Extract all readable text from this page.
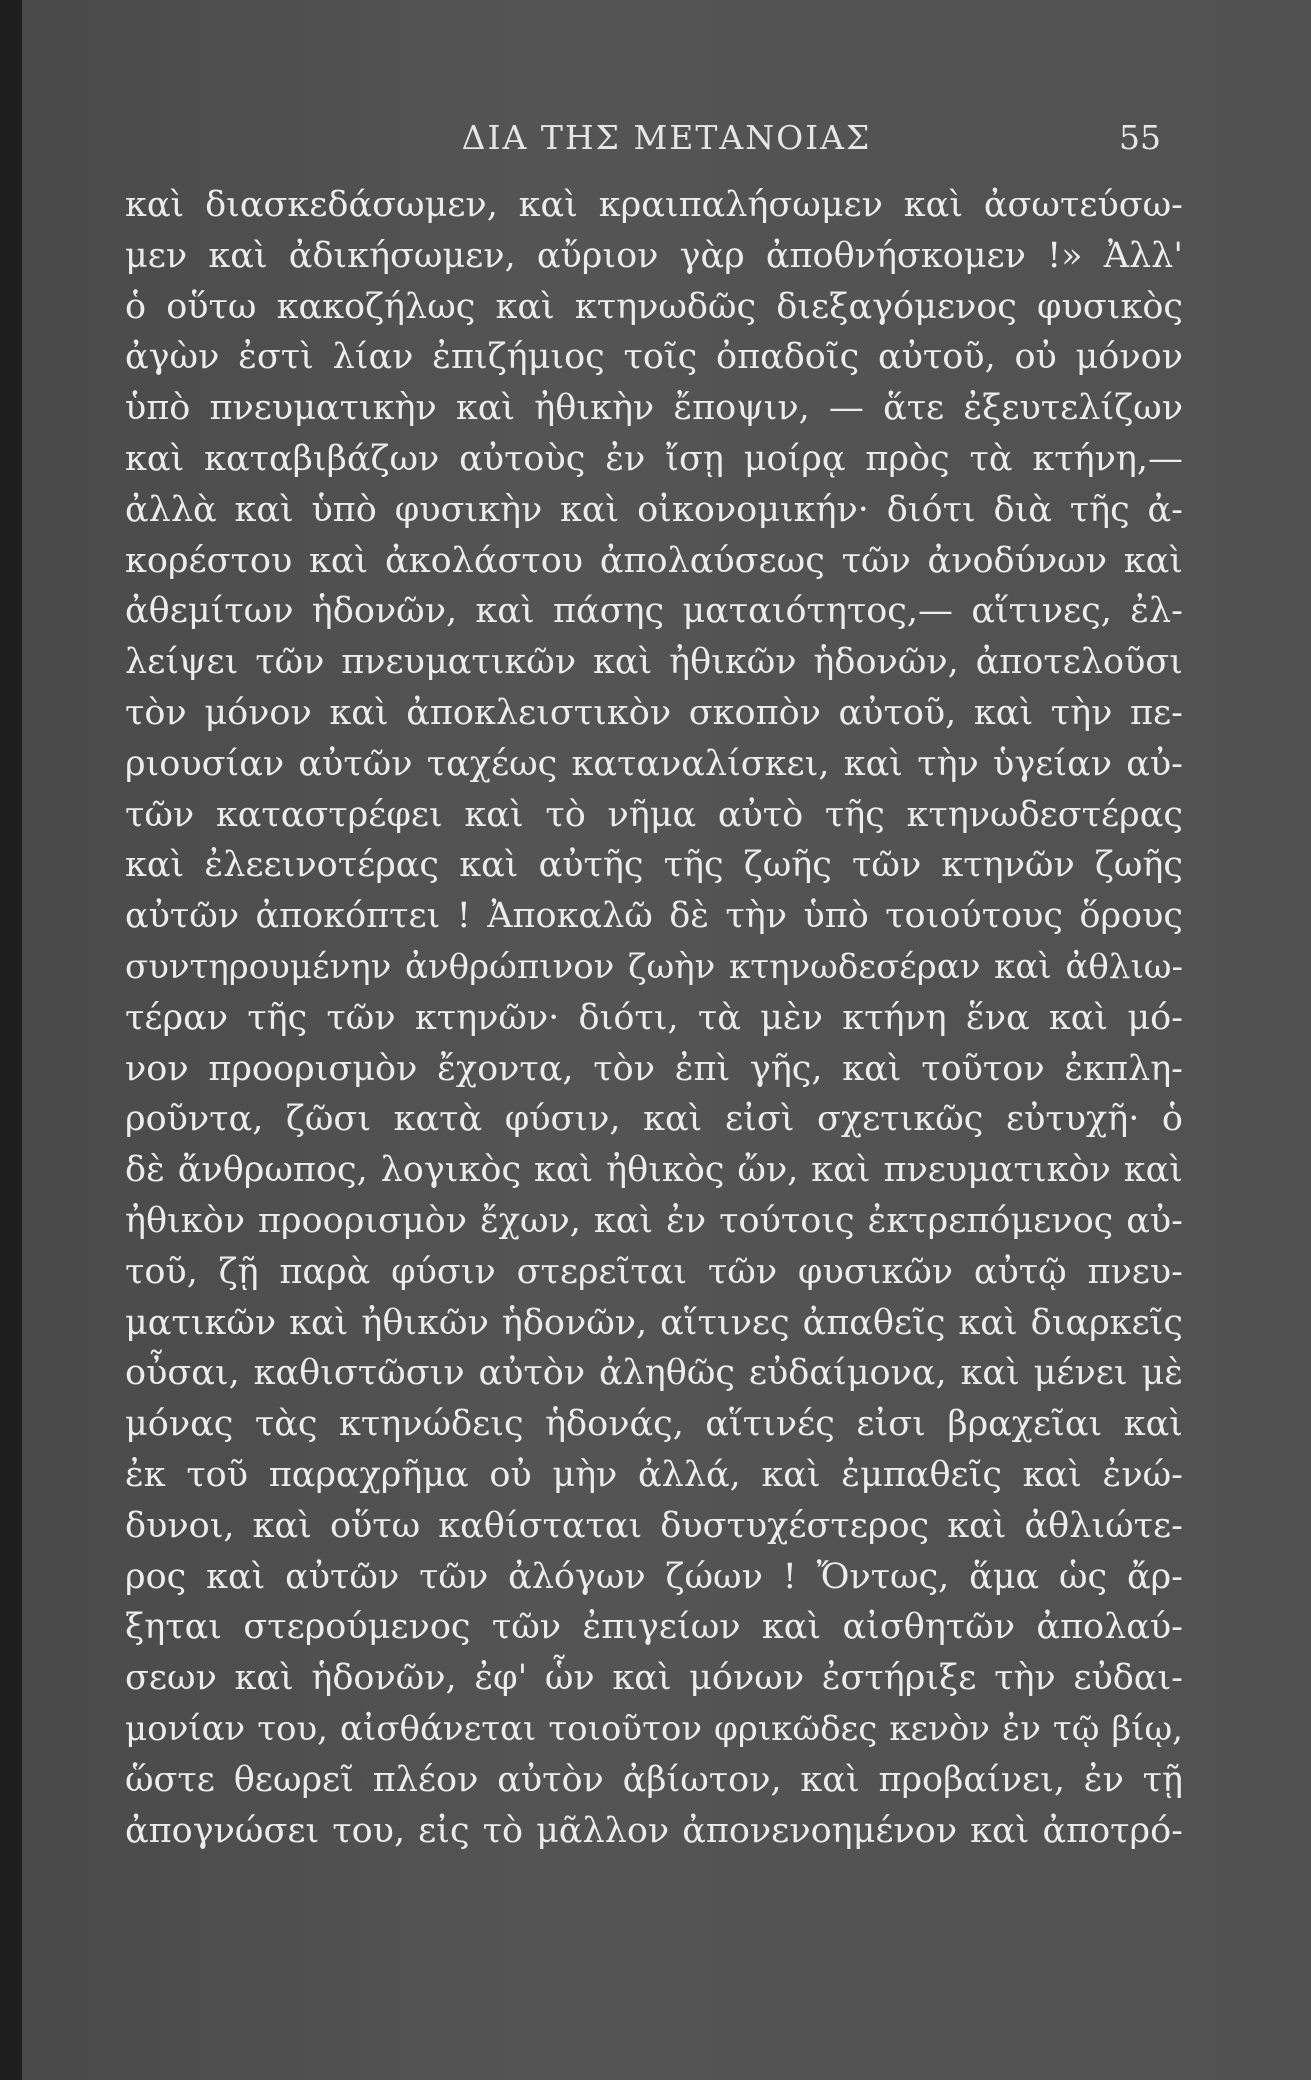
ΔΙΑ ΤΗΣ ΜΕΤΑΝΟΙΑΣ	55
καὶ διασκεδάσωμεν, καὶ κραιπαλήσωμεν καὶ ἀσωτεύσω-
μεν καὶ ἀδικήσωμεν, αὔριον γὰρ ἀποθνήσκομεν !» Ἀλλ'
ὁ οὕτω κακοζήλως καὶ κτηνωδῶς διεξαγόμενος φυσικὸς
ἀγὼν ἐστὶ λίαν ἐπιζήμιος τοῖς ὀπαδοῖς αὐτοῦ, οὐ μόνον
ὑπὸ πνευματικὴν καὶ ἠθικὴν ἔποψιν, — ἅτε ἐξευτελίζων
καὶ καταβιβάζων αὐτοὺς ἐν ἴσῃ μοίρᾳ πρὸς τὰ κτήνη,—
ἀλλὰ καὶ ὑπὸ φυσικὴν καὶ οἰκονομικήν· διότι διὰ τῆς ἀ-
κορέστου καὶ ἀκολάστου ἀπολαύσεως τῶν ἀνοδύνων καὶ
ἀθεμίτων ἡδονῶν, καὶ πάσης ματαιότητος,— αἵτινες, ἐλ-
λείψει τῶν πνευματικῶν καὶ ἠθικῶν ἡδονῶν, ἀποτελοῦσι
τὸν μόνον καὶ ἀποκλειστικὸν σκοπὸν αὐτοῦ, καὶ τὴν πε-
ριουσίαν αὐτῶν ταχέως καταναλίσκει, καὶ τὴν ὑγείαν αὐ-
τῶν καταστρέφει καὶ τὸ νῆμα αὐτὸ τῆς κτηνωδεστέρας
καὶ ἐλεεινοτέρας καὶ αὐτῆς τῆς ζωῆς τῶν κτηνῶν ζωῆς
αὐτῶν ἀποκόπτει ! Ἀποκαλῶ δὲ τὴν ὑπὸ τοιούτους ὅρους
συντηρουμένην ἀνθρώπινον ζωὴν κτηνωδεσέραν καὶ ἀθλιω-
τέραν τῆς τῶν κτηνῶν· διότι, τὰ μὲν κτήνη ἕνα καὶ μό-
νον προορισμὸν ἔχοντα, τὸν ἐπὶ γῆς, καὶ τοῦτον ἐκπλη-
ροῦντα, ζῶσι κατὰ φύσιν, καὶ εἰσὶ σχετικῶς εὐτυχῆ· ὁ
δὲ ἄνθρωπος, λογικὸς καὶ ἠθικὸς ὤν, καὶ πνευματικὸν καὶ
ἠθικὸν προορισμὸν ἔχων, καὶ ἐν τούτοις ἐκτρεπόμενος αὐ-
τοῦ, ζῇ παρὰ φύσιν στερεῖται τῶν φυσικῶν αὐτῷ πνευ-
ματικῶν καὶ ἠθικῶν ἡδονῶν, αἵτινες ἀπαθεῖς καὶ διαρκεῖς
οὖσαι, καθιστῶσιν αὐτὸν ἀληθῶς εὐδαίμονα, καὶ μένει μὲ
μόνας τὰς κτηνώδεις ἡδονάς, αἵτινές εἰσι βραχεῖαι καὶ
ἐκ τοῦ παραχρῆμα οὐ μὴν ἀλλά, καὶ ἐμπαθεῖς καὶ ἐνώ-
δυνοι, καὶ οὕτω καθίσταται δυστυχέστερος καὶ ἀθλιώτε-
ρος καὶ αὐτῶν τῶν ἀλόγων ζώων ! Ὄντως, ἅμα ὡς ἄρ-
ξηται στερούμενος τῶν ἐπιγείων καὶ αἰσθητῶν ἀπολαύ-
σεων καὶ ἡδονῶν, ἐφ' ὧν καὶ μόνων ἐστήριξε τὴν εὐδαι-
μονίαν του, αἰσθάνεται τοιοῦτον φρικῶδες κενὸν ἐν τῷ βίῳ,
ὥστε θεωρεῖ πλέον αὐτὸν ἀβίωτον, καὶ προβαίνει, ἐν τῇ
ἀπογνώσει του, εἰς τὸ μᾶλλον ἀπονενοημένον καὶ ἀποτρό-
